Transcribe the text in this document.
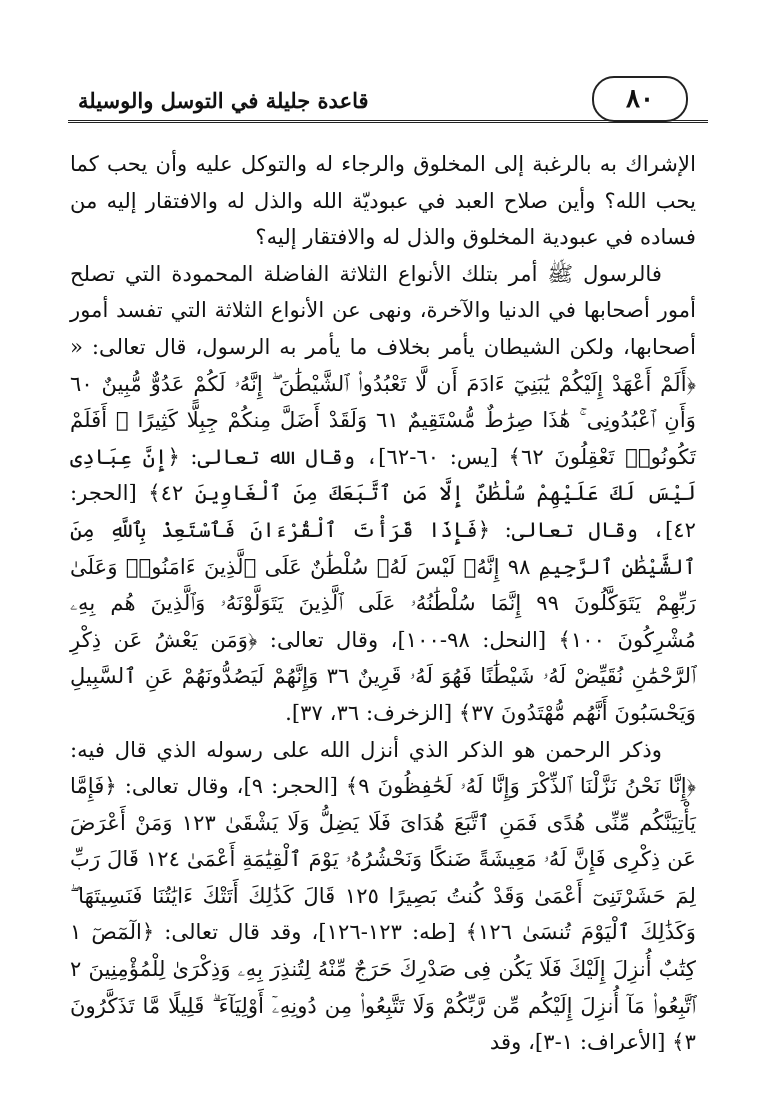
٨٠
قاعدة جليلة في التوسل والوسيلة

الإشراك به بالرغبة إلى المخلوق والرجاء له والتوكل عليه وأن يحب كما يحب الله؟ وأين صلاح العبد في عبوديّة الله والذل له والافتقار إليه من فساده في عبودية المخلوق والذل له والافتقار إليه؟

فالرسول ﷺ أمر بتلك الأنواع الثلاثة الفاضلة المحمودة التي تصلح أمور أصحابها في الدنيا والآخرة، ونهى عن الأنواع الثلاثة التي تفسد أمور أصحابها، ولكن الشيطان يأمر بخلاف ما يأمر به الرسول، قال تعالى: « ﴿أَلَمْ أَعْهَدْ إِلَيْكُمْ يَٰبَنِيٓ ءَادَمَ أَن لَّا تَعْبُدُوا۟ ٱلشَّيْطَٰنَ ۖ إِنَّهُۥ لَكُمْ عَدُوٌّ مُّبِينٌ ٦٠ وَأَنِ ٱعْبُدُونِى ۚ هَٰذَا صِرَٰطٌ مُّسْتَقِيمٌ ٦١ وَلَقَدْ أَضَلَّ مِنكُمْ جِبِلًّا كَثِيرًا ۖ أَفَلَمْ تَكُونُوا۟ تَعْقِلُونَ ٦٢﴾ [يس: ٦٠-٦٢]، وقال الله تعالى: ﴿إِنَّ عِبَادِى لَيْسَ لَكَ عَلَيْهِمْ سُلْطَٰنٌ إِلَّا مَنِ ٱتَّبَعَكَ مِنَ ٱلْغَاوِينَ ٤٢﴾ [الحجر: ٤٢]، وقال تعالى: ﴿فَإِذَا قَرَأْتَ ٱلْقُرْءَانَ فَٱسْتَعِذْ بِٱللَّهِ مِنَ ٱلشَّيْطَٰنِ ٱلرَّجِيمِ ٩٨ إِنَّهُۥ لَيْسَ لَهُۥ سُلْطَٰنٌ عَلَى ٱلَّذِينَ ءَامَنُوا۟ وَعَلَىٰ رَبِّهِمْ يَتَوَكَّلُونَ ٩٩ إِنَّمَا سُلْطَٰنُهُۥ عَلَى ٱلَّذِينَ يَتَوَلَّوْنَهُۥ وَٱلَّذِينَ هُم بِهِۦ مُشْرِكُونَ ١٠٠﴾ [النحل: ٩٨-١٠٠]، وقال تعالى: ﴿وَمَن يَعْشُ عَن ذِكْرِ ٱلرَّحْمَٰنِ نُقَيِّضْ لَهُۥ شَيْطَٰنًا فَهُوَ لَهُۥ قَرِينٌ ٣٦ وَإِنَّهُمْ لَيَصُدُّونَهُمْ عَنِ ٱلسَّبِيلِ وَيَحْسَبُونَ أَنَّهُم مُّهْتَدُونَ ٣٧﴾ [الزخرف: ٣٦، ٣٧].

وذكر الرحمن هو الذكر الذي أنزل الله على رسوله الذي قال فيه: ﴿إِنَّا نَحْنُ نَزَّلْنَا ٱلذِّكْرَ وَإِنَّا لَهُۥ لَحَٰفِظُونَ ٩﴾ [الحجر: ٩]، وقال تعالى: ﴿فَإِمَّا يَأْتِيَنَّكُم مِّنِّى هُدًى فَمَنِ ٱتَّبَعَ هُدَاىَ فَلَا يَضِلُّ وَلَا يَشْقَىٰ ١٢٣ وَمَنْ أَعْرَضَ عَن ذِكْرِى فَإِنَّ لَهُۥ مَعِيشَةً ضَنكًا وَنَحْشُرُهُۥ يَوْمَ ٱلْقِيَٰمَةِ أَعْمَىٰ ١٢٤ قَالَ رَبِّ لِمَ حَشَرْتَنِىٓ أَعْمَىٰ وَقَدْ كُنتُ بَصِيرًا ١٢٥ قَالَ كَذَٰلِكَ أَتَتْكَ ءَايَٰتُنَا فَنَسِيتَهَا ۖ وَكَذَٰلِكَ ٱلْيَوْمَ تُنسَىٰ ١٢٦﴾ [طه: ١٢٣-١٢٦]، وقد قال تعالى: ﴿الٓمٓصٓ ١ كِتَٰبٌ أُنزِلَ إِلَيْكَ فَلَا يَكُن فِى صَدْرِكَ حَرَجٌ مِّنْهُ لِتُنذِرَ بِهِۦ وَذِكْرَىٰ لِلْمُؤْمِنِينَ ٢ ٱتَّبِعُوا۟ مَآ أُنزِلَ إِلَيْكُم مِّن رَّبِّكُمْ وَلَا تَتَّبِعُوا۟ مِن دُونِهِۦٓ أَوْلِيَآءَ ۗ قَلِيلًا مَّا تَذَكَّرُونَ ٣﴾ [الأعراف: ١-٣]، وقد
